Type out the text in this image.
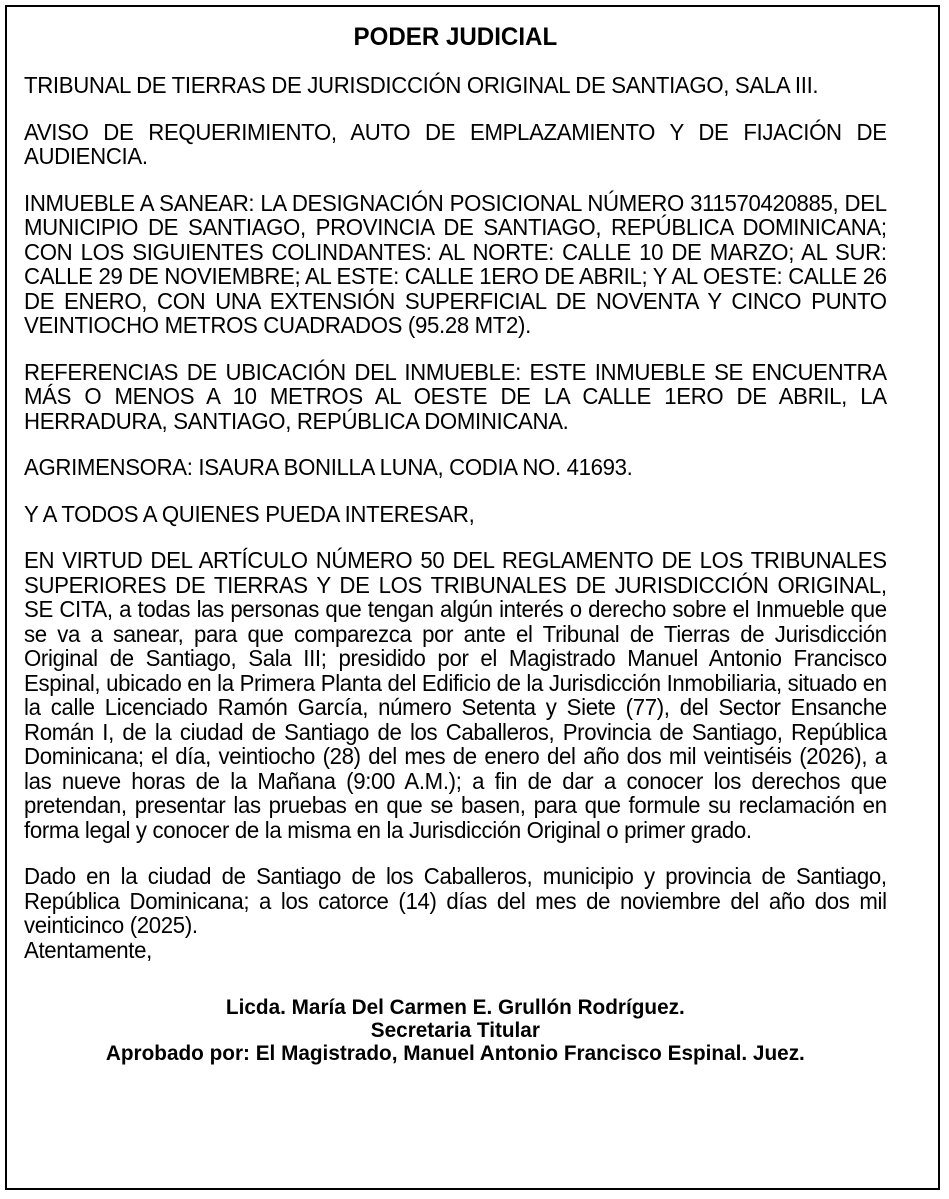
PODER JUDICIAL

TRIBUNAL DE TIERRAS DE JURISDICCIÓN ORIGINAL DE SANTIAGO, SALA III.

AVISO DE REQUERIMIENTO, AUTO DE EMPLAZAMIENTO Y DE FIJACIÓN DE AUDIENCIA.

INMUEBLE A SANEAR: LA DESIGNACIÓN POSICIONAL NÚMERO 311570420885, DEL MUNICIPIO DE SANTIAGO, PROVINCIA DE SANTIAGO, REPÚBLICA DOMINICANA; CON LOS SIGUIENTES COLINDANTES: AL NORTE: CALLE 10 DE MARZO; AL SUR: CALLE 29 DE NOVIEMBRE; AL ESTE: CALLE 1ERO DE ABRIL; Y AL OESTE: CALLE 26 DE ENERO, CON UNA EXTENSIÓN SUPERFICIAL DE NOVENTA Y CINCO PUNTO VEINTIOCHO METROS CUADRADOS (95.28 MT2).

REFERENCIAS DE UBICACIÓN DEL INMUEBLE: ESTE INMUEBLE SE ENCUENTRA MÁS O MENOS A 10 METROS AL OESTE DE LA CALLE 1ERO DE ABRIL, LA HERRADURA, SANTIAGO, REPÚBLICA DOMINICANA.

AGRIMENSORA: ISAURA BONILLA LUNA, CODIA NO. 41693.

Y A TODOS A QUIENES PUEDA INTERESAR,

EN VIRTUD DEL ARTÍCULO NÚMERO 50 DEL REGLAMENTO DE LOS TRIBUNALES SUPERIORES DE TIERRAS Y DE LOS TRIBUNALES DE JURISDICCIÓN ORIGINAL, SE CITA, a todas las personas que tengan algún interés o derecho sobre el Inmueble que se va a sanear, para que comparezca por ante el Tribunal de Tierras de Jurisdicción Original de Santiago, Sala III; presidido por el Magistrado Manuel Antonio Francisco Espinal, ubicado en la Primera Planta del Edificio de la Jurisdicción Inmobiliaria, situado en la calle Licenciado Ramón García, número Setenta y Siete (77), del Sector Ensanche Román I, de la ciudad de Santiago de los Caballeros, Provincia de Santiago, República Dominicana; el día, veintiocho (28) del mes de enero del año dos mil veintiséis (2026), a las nueve horas de la Mañana (9:00 A.M.); a fin de dar a conocer los derechos que pretendan, presentar las pruebas en que se basen, para que formule su reclamación en forma legal y conocer de la misma en la Jurisdicción Original o primer grado.

Dado en la ciudad de Santiago de los Caballeros, municipio y provincia de Santiago, República Dominicana; a los catorce (14) días del mes de noviembre del año dos mil veinticinco (2025).

Atentamente,

Licda. María Del Carmen E. Grullón Rodríguez.
Secretaria Titular
Aprobado por: El Magistrado, Manuel Antonio Francisco Espinal. Juez.
